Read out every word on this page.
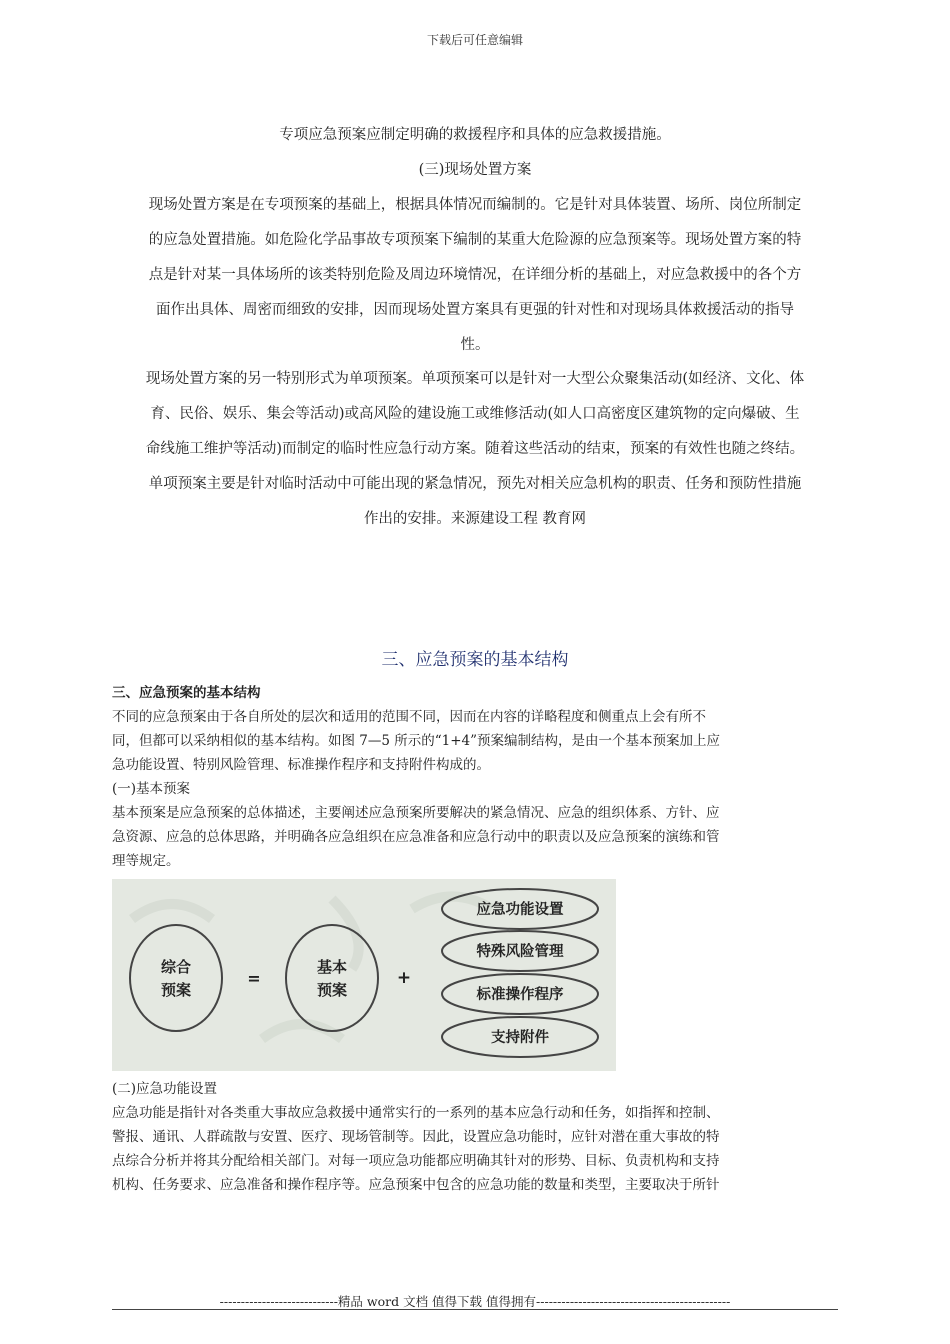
下载后可任意编辑
专项应急预案应制定明确的救援程序和具体的应急救援措施。
(三)现场处置方案

现场处置方案是在专项预案的基础上，根据具体情况而编制的。它是针对具体装置、场所、岗位所制定

的应急处置措施。如危险化学品事故专项预案下编制的某重大危险源的应急预案等。现场处置方案的特

点是针对某一具体场所的该类特别危险及周边环境情况，在详细分析的基础上，对应急救援中的各个方

面作出具体、周密而细致的安排，因而现场处置方案具有更强的针对性和对现场具体救援活动的指导

性。

现场处置方案的另一特别形式为单项预案。单项预案可以是针对一大型公众聚集活动(如经济、文化、体

育、民俗、娱乐、集会等活动)或高风险的建设施工或维修活动(如人口高密度区建筑物的定向爆破、生

命线施工维护等活动)而制定的临时性应急行动方案。随着这些活动的结束，预案的有效性也随之终结。

单项预案主要是针对临时活动中可能出现的紧急情况，预先对相关应急机构的职责、任务和预防性措施

作出的安排。来源建设工程 教育网

三、应急预案的基本结构
三、应急预案的基本结构

不同的应急预案由于各自所处的层次和适用的范围不同，因而在内容的详略程度和侧重点上会有所不

同，但都可以采纳相似的基本结构。如图 7—5 所示的“1+4”预案编制结构，是由一个基本预案加上应

急功能设置、特别风险管理、标准操作程序和支持附件构成的。

(一)基本预案

基本预案是应急预案的总体描述，主要阐述应急预案所要解决的紧急情况、应急的组织体系、方针、应

急资源、应急的总体思路，并明确各应急组织在应急准备和应急行动中的职责以及应急预案的演练和管

理等规定。

综合
预案
=
基本
预案
+
应急功能设置
特殊风险管理
标准操作程序
支持附件
(二)应急功能设置

应急功能是指针对各类重大事故应急救援中通常实行的一系列的基本应急行动和任务，如指挥和控制、

警报、通讯、人群疏散与安置、医疗、现场管制等。因此，设置应急功能时，应针对潜在重大事故的特

点综合分析并将其分配给相关部门。对每一项应急功能都应明确其针对的形势、目标、负责机构和支持

机构、任务要求、应急准备和操作程序等。应急预案中包含的应急功能的数量和类型，主要取决于所针

----------------------------精品 word 文档 值得下载 值得拥有----------------------------------------------
